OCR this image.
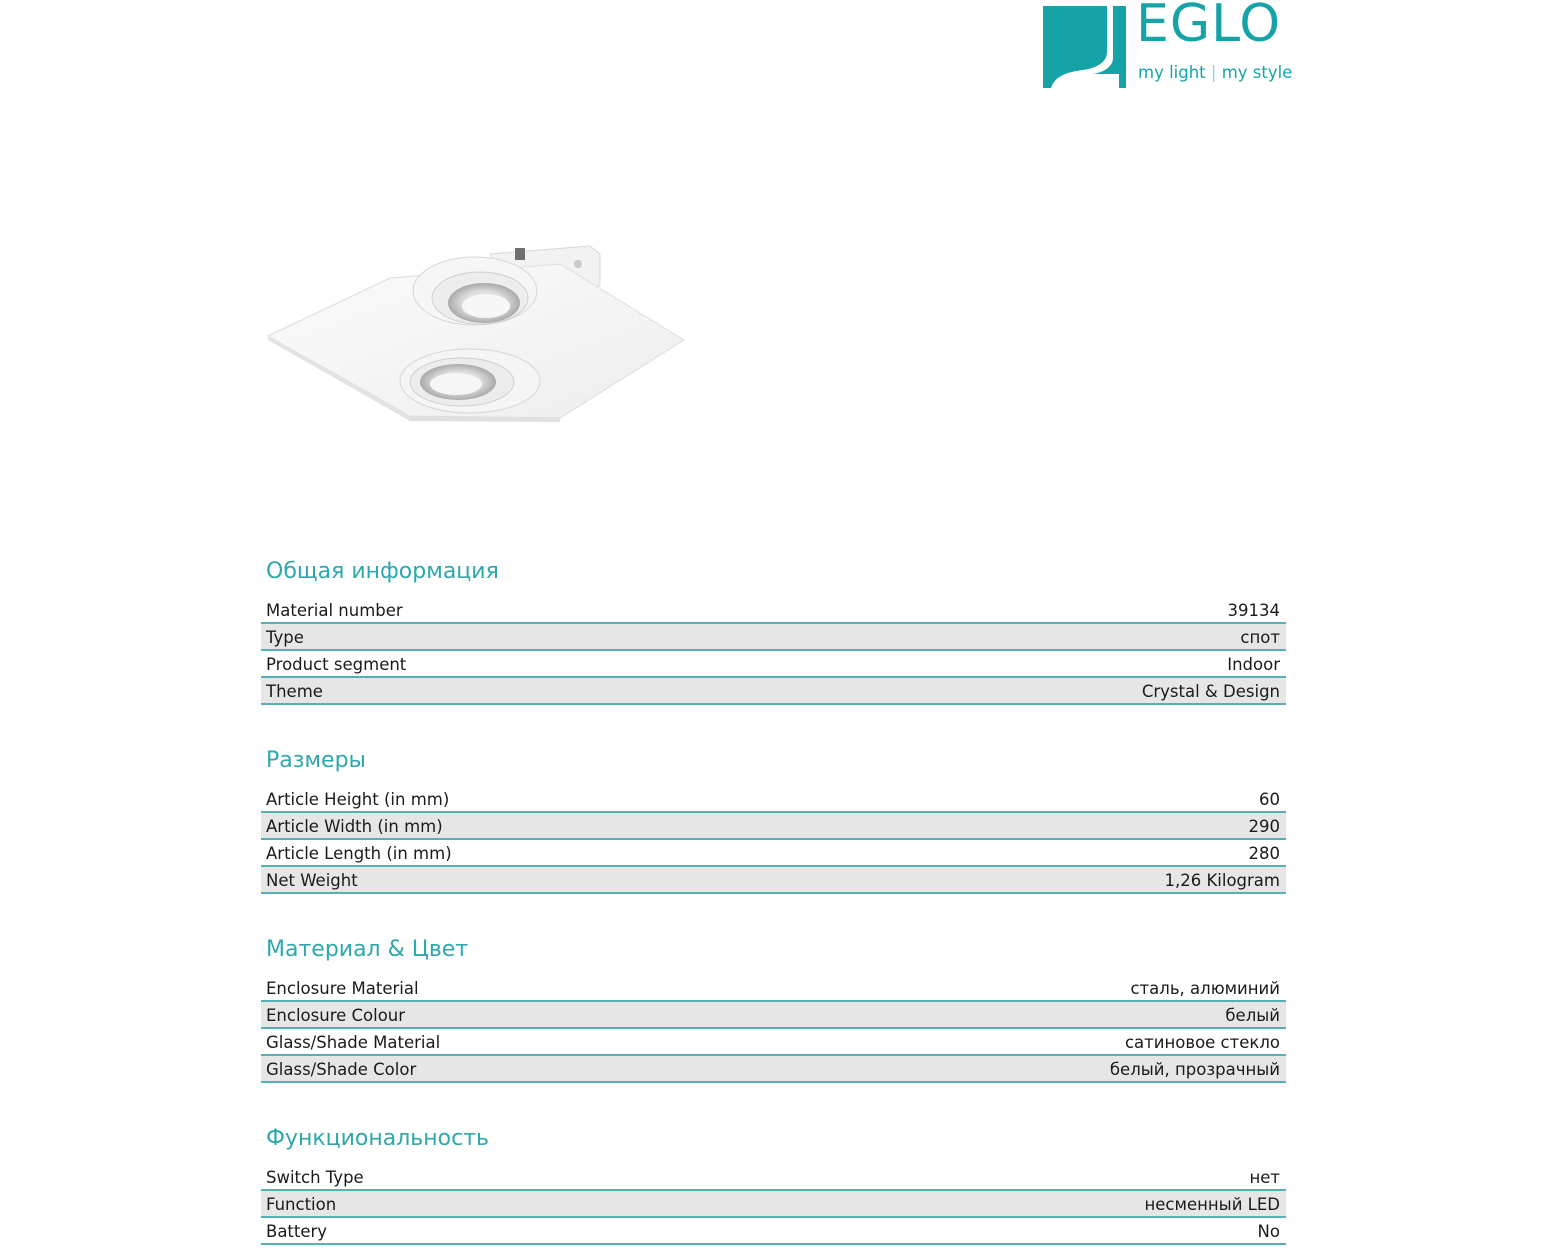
EGLO
my light | my style
Общая информация
Material number	39134
Type	спот
Product segment	Indoor
Theme	Crystal & Design
Размеры
Article Height (in mm)	60
Article Width (in mm)	290
Article Length (in mm)	280
Net Weight	1,26 Kilogram
Материал & Цвет
Enclosure Material	сталь, алюминий
Enclosure Colour	белый
Glass/Shade Material	сатиновое стекло
Glass/Shade Color	белый, прозрачный
Функциональность
Switch Type	нет
Function	несменный LED
Battery	No
